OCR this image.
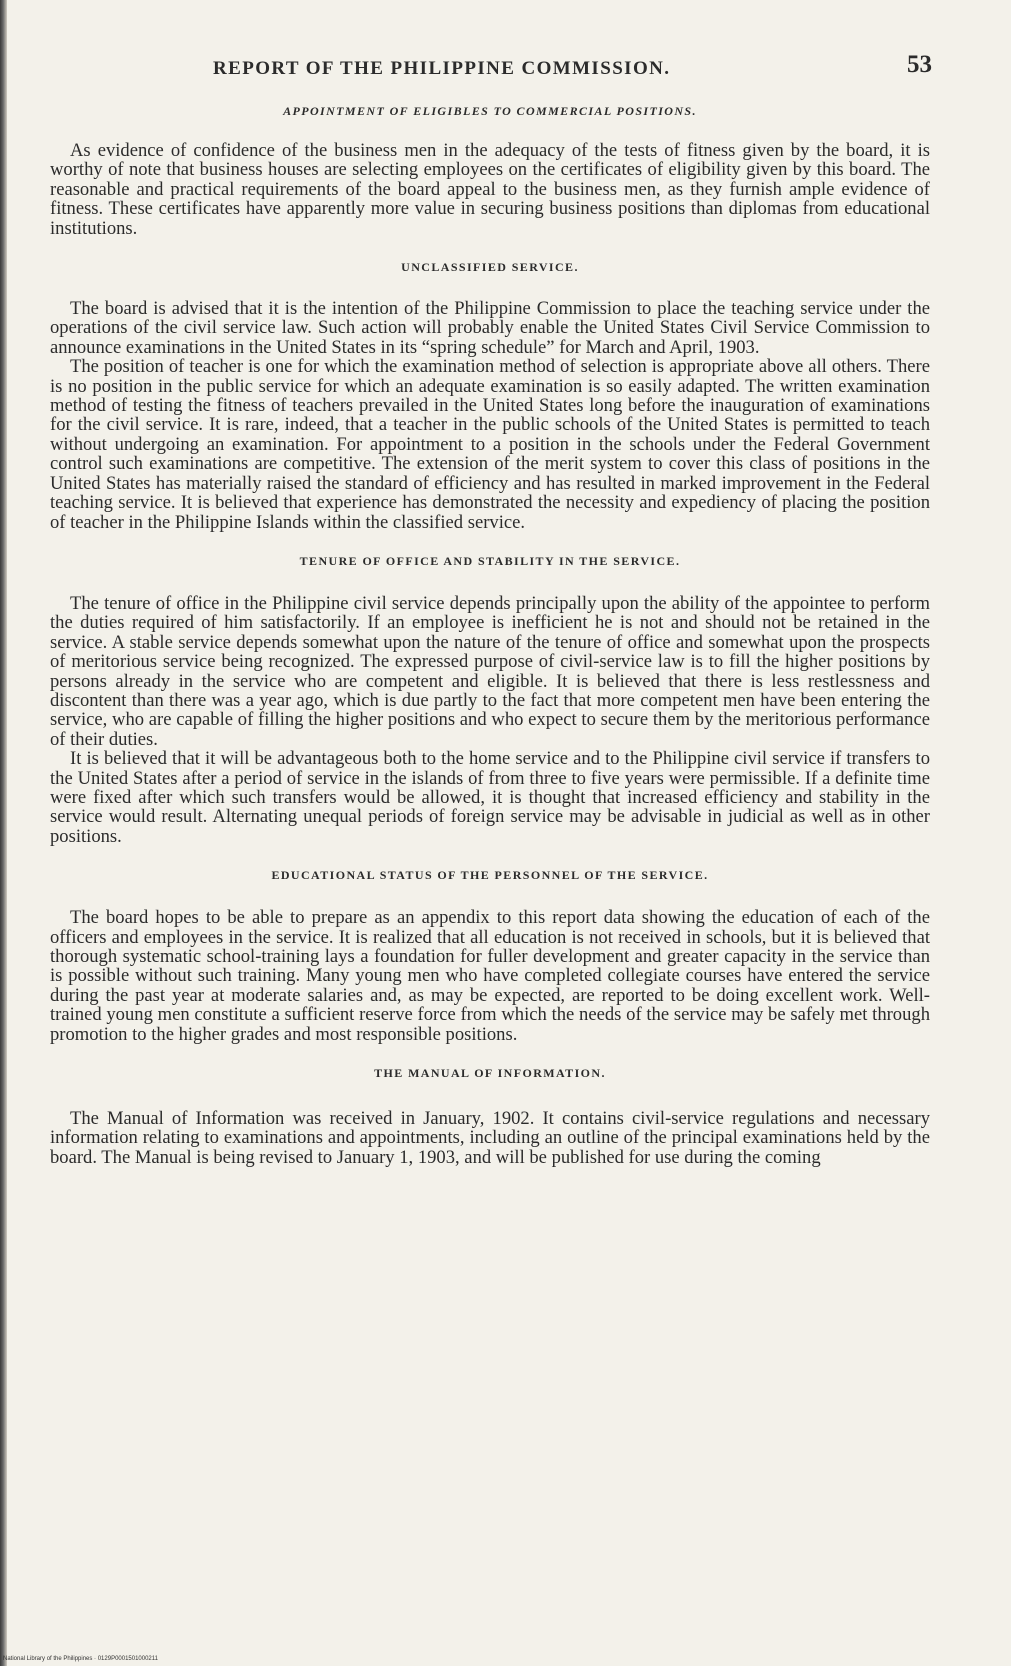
REPORT OF THE PHILIPPINE COMMISSION.	53
APPOINTMENT OF ELIGIBLES TO COMMERCIAL POSITIONS.

As evidence of confidence of the business men in the adequacy of the tests of fitness given by the board, it is worthy of note that business houses are selecting employees on the certificates of eligibility given by this board. The reasonable and practical requirements of the board appeal to the business men, as they furnish ample evidence of fitness. These certificates have apparently more value in securing business positions than diplomas from educational institutions.

UNCLASSIFIED SERVICE.

The board is advised that it is the intention of the Philippine Commission to place the teaching service under the operations of the civil service law. Such action will probably enable the United States Civil Service Commission to announce examinations in the United States in its “spring schedule” for March and April, 1903.

The position of teacher is one for which the examination method of selection is appropriate above all others. There is no position in the public service for which an adequate examination is so easily adapted. The written examination method of testing the fitness of teachers prevailed in the United States long before the inauguration of examinations for the civil service. It is rare, indeed, that a teacher in the public schools of the United States is permitted to teach without undergoing an examination. For appointment to a position in the schools under the Federal Government control such examinations are competitive. The extension of the merit system to cover this class of positions in the United States has materially raised the standard of efficiency and has resulted in marked improvement in the Federal teaching service. It is believed that experience has demonstrated the necessity and expediency of placing the position of teacher in the Philippine Islands within the classified service.

TENURE OF OFFICE AND STABILITY IN THE SERVICE.

The tenure of office in the Philippine civil service depends principally upon the ability of the appointee to perform the duties required of him satisfactorily. If an employee is inefficient he is not and should not be retained in the service. A stable service depends somewhat upon the nature of the tenure of office and somewhat upon the prospects of meritorious service being recognized. The expressed purpose of civil-service law is to fill the higher positions by persons already in the service who are competent and eligible. It is believed that there is less restlessness and discontent than there was a year ago, which is due partly to the fact that more competent men have been entering the service, who are capable of filling the higher positions and who expect to secure them by the meritorious performance of their duties.

It is believed that it will be advantageous both to the home service and to the Philippine civil service if transfers to the United States after a period of service in the islands of from three to five years were permissible. If a definite time were fixed after which such transfers would be allowed, it is thought that increased efficiency and stability in the service would result. Alternating unequal periods of foreign service may be advisable in judicial as well as in other positions.

EDUCATIONAL STATUS OF THE PERSONNEL OF THE SERVICE.

The board hopes to be able to prepare as an appendix to this report data showing the education of each of the officers and employees in the service. It is realized that all education is not received in schools, but it is believed that thorough systematic school-training lays a foundation for fuller development and greater capacity in the service than is possible without such training. Many young men who have completed collegiate courses have entered the service during the past year at moderate salaries and, as may be expected, are reported to be doing excellent work. Well-trained young men constitute a sufficient reserve force from which the needs of the service may be safely met through promotion to the higher grades and most responsible positions.

THE MANUAL OF INFORMATION.

The Manual of Information was received in January, 1902. It contains civil-service regulations and necessary information relating to examinations and appointments, including an outline of the principal examinations held by the board. The Manual is being revised to January 1, 1903, and will be published for use during the coming

National Library of the Philippines · 0129P0001501000211
